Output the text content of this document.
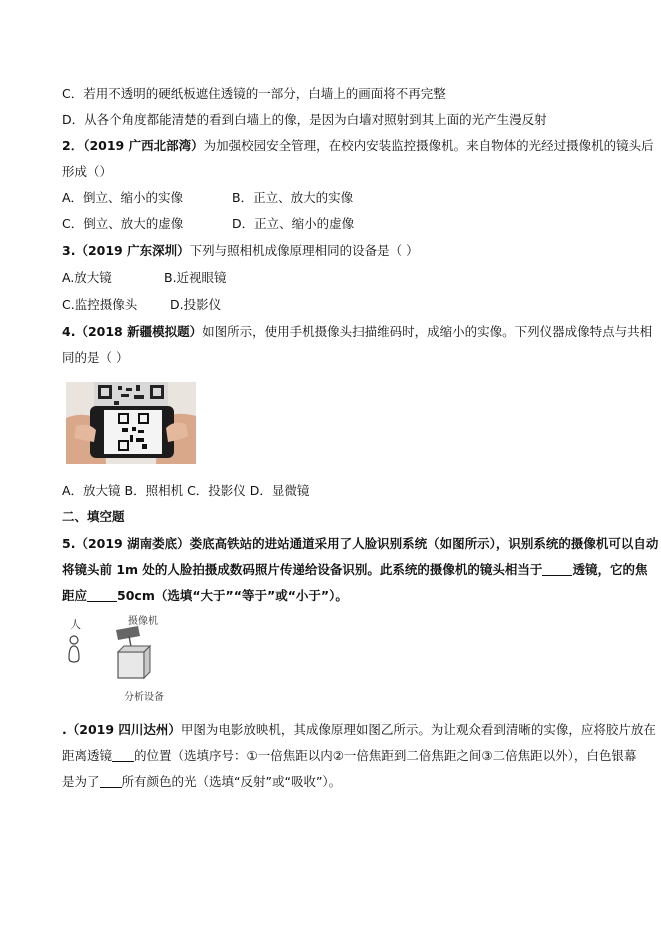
C．若用不透明的硬纸板遮住透镜的一部分，白墙上的画面将不再完整
D．从各个角度都能清楚的看到白墙上的像，是因为白墙对照射到其上面的光产生漫反射
2．（2019 广西北部湾）为加强校园安全管理，在校内安装监控摄像机。来自物体的光经过摄像机的镜头后
形成（）
A．倒立、缩小的实像	B．正立、放大的实像
C．倒立、放大的虚像	D．正立、缩小的虚像
3.（2019 广东深圳）下列与照相机成像原理相同的设备是（ ）
A.放大镜	B.近视眼镜
C.监控摄像头	D.投影仪
4.（2018 新疆模拟题）如图所示，使用手机摄像头扫描维码时，成缩小的实像。下列仪器成像特点与共相
同的是（ ）
A．放大镜 B．照相机 C．投影仪 D．显微镜
二、填空题
5.（2019 湖南娄底）娄底高铁站的进站通道采用了人脸识别系统（如图所示），识别系统的摄像机可以自动
将镜头前 1m 处的人脸拍摄成数码照片传递给设备识别。此系统的摄像机的镜头相当于 透镜，它的焦
距应 50cm（选填“大于”“等于”或“小于”）。
人	摄像机
分析设备
.（2019 四川达州）甲图为电影放映机，其成像原理如图乙所示。为让观众看到清晰的实像，应将胶片放在
距离透镜 的位置（选填序号：①一倍焦距以内②一倍焦距到二倍焦距之间③二倍焦距以外），白色银幕
是为了 所有颜色的光（选填“反射”或“吸收”）。
